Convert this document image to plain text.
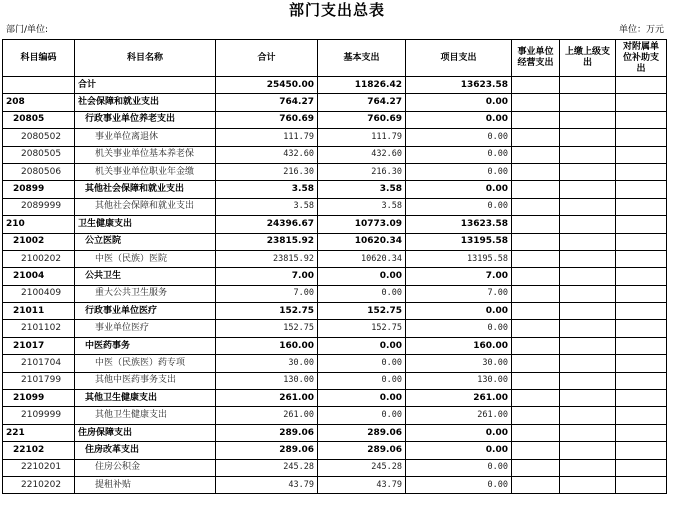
部门支出总表
部门/单位:	单位：万元
科目编码	科目名称	合计	基本支出	项目支出	事业单位经营支出	上缴上级支出	对附属单位补助支出
	合计	25450.00	11826.42	13623.58			
208	社会保障和就业支出	764.27	764.27	0.00			
20805	行政事业单位养老支出	760.69	760.69	0.00			
2080502	事业单位离退休	111.79	111.79	0.00			
2080505	机关事业单位基本养老保	432.60	432.60	0.00			
2080506	机关事业单位职业年金缴	216.30	216.30	0.00			
20899	其他社会保障和就业支出	3.58	3.58	0.00			
2089999	其他社会保障和就业支出	3.58	3.58	0.00			
210	卫生健康支出	24396.67	10773.09	13623.58			
21002	公立医院	23815.92	10620.34	13195.58			
2100202	中医（民族）医院	23815.92	10620.34	13195.58			
21004	公共卫生	7.00	0.00	7.00			
2100409	重大公共卫生服务	7.00	0.00	7.00			
21011	行政事业单位医疗	152.75	152.75	0.00			
2101102	事业单位医疗	152.75	152.75	0.00			
21017	中医药事务	160.00	0.00	160.00			
2101704	中医（民族医）药专项	30.00	0.00	30.00			
2101799	其他中医药事务支出	130.00	0.00	130.00			
21099	其他卫生健康支出	261.00	0.00	261.00			
2109999	其他卫生健康支出	261.00	0.00	261.00			
221	住房保障支出	289.06	289.06	0.00			
22102	住房改革支出	289.06	289.06	0.00			
2210201	住房公积金	245.28	245.28	0.00			
2210202	提租补贴	43.79	43.79	0.00			
